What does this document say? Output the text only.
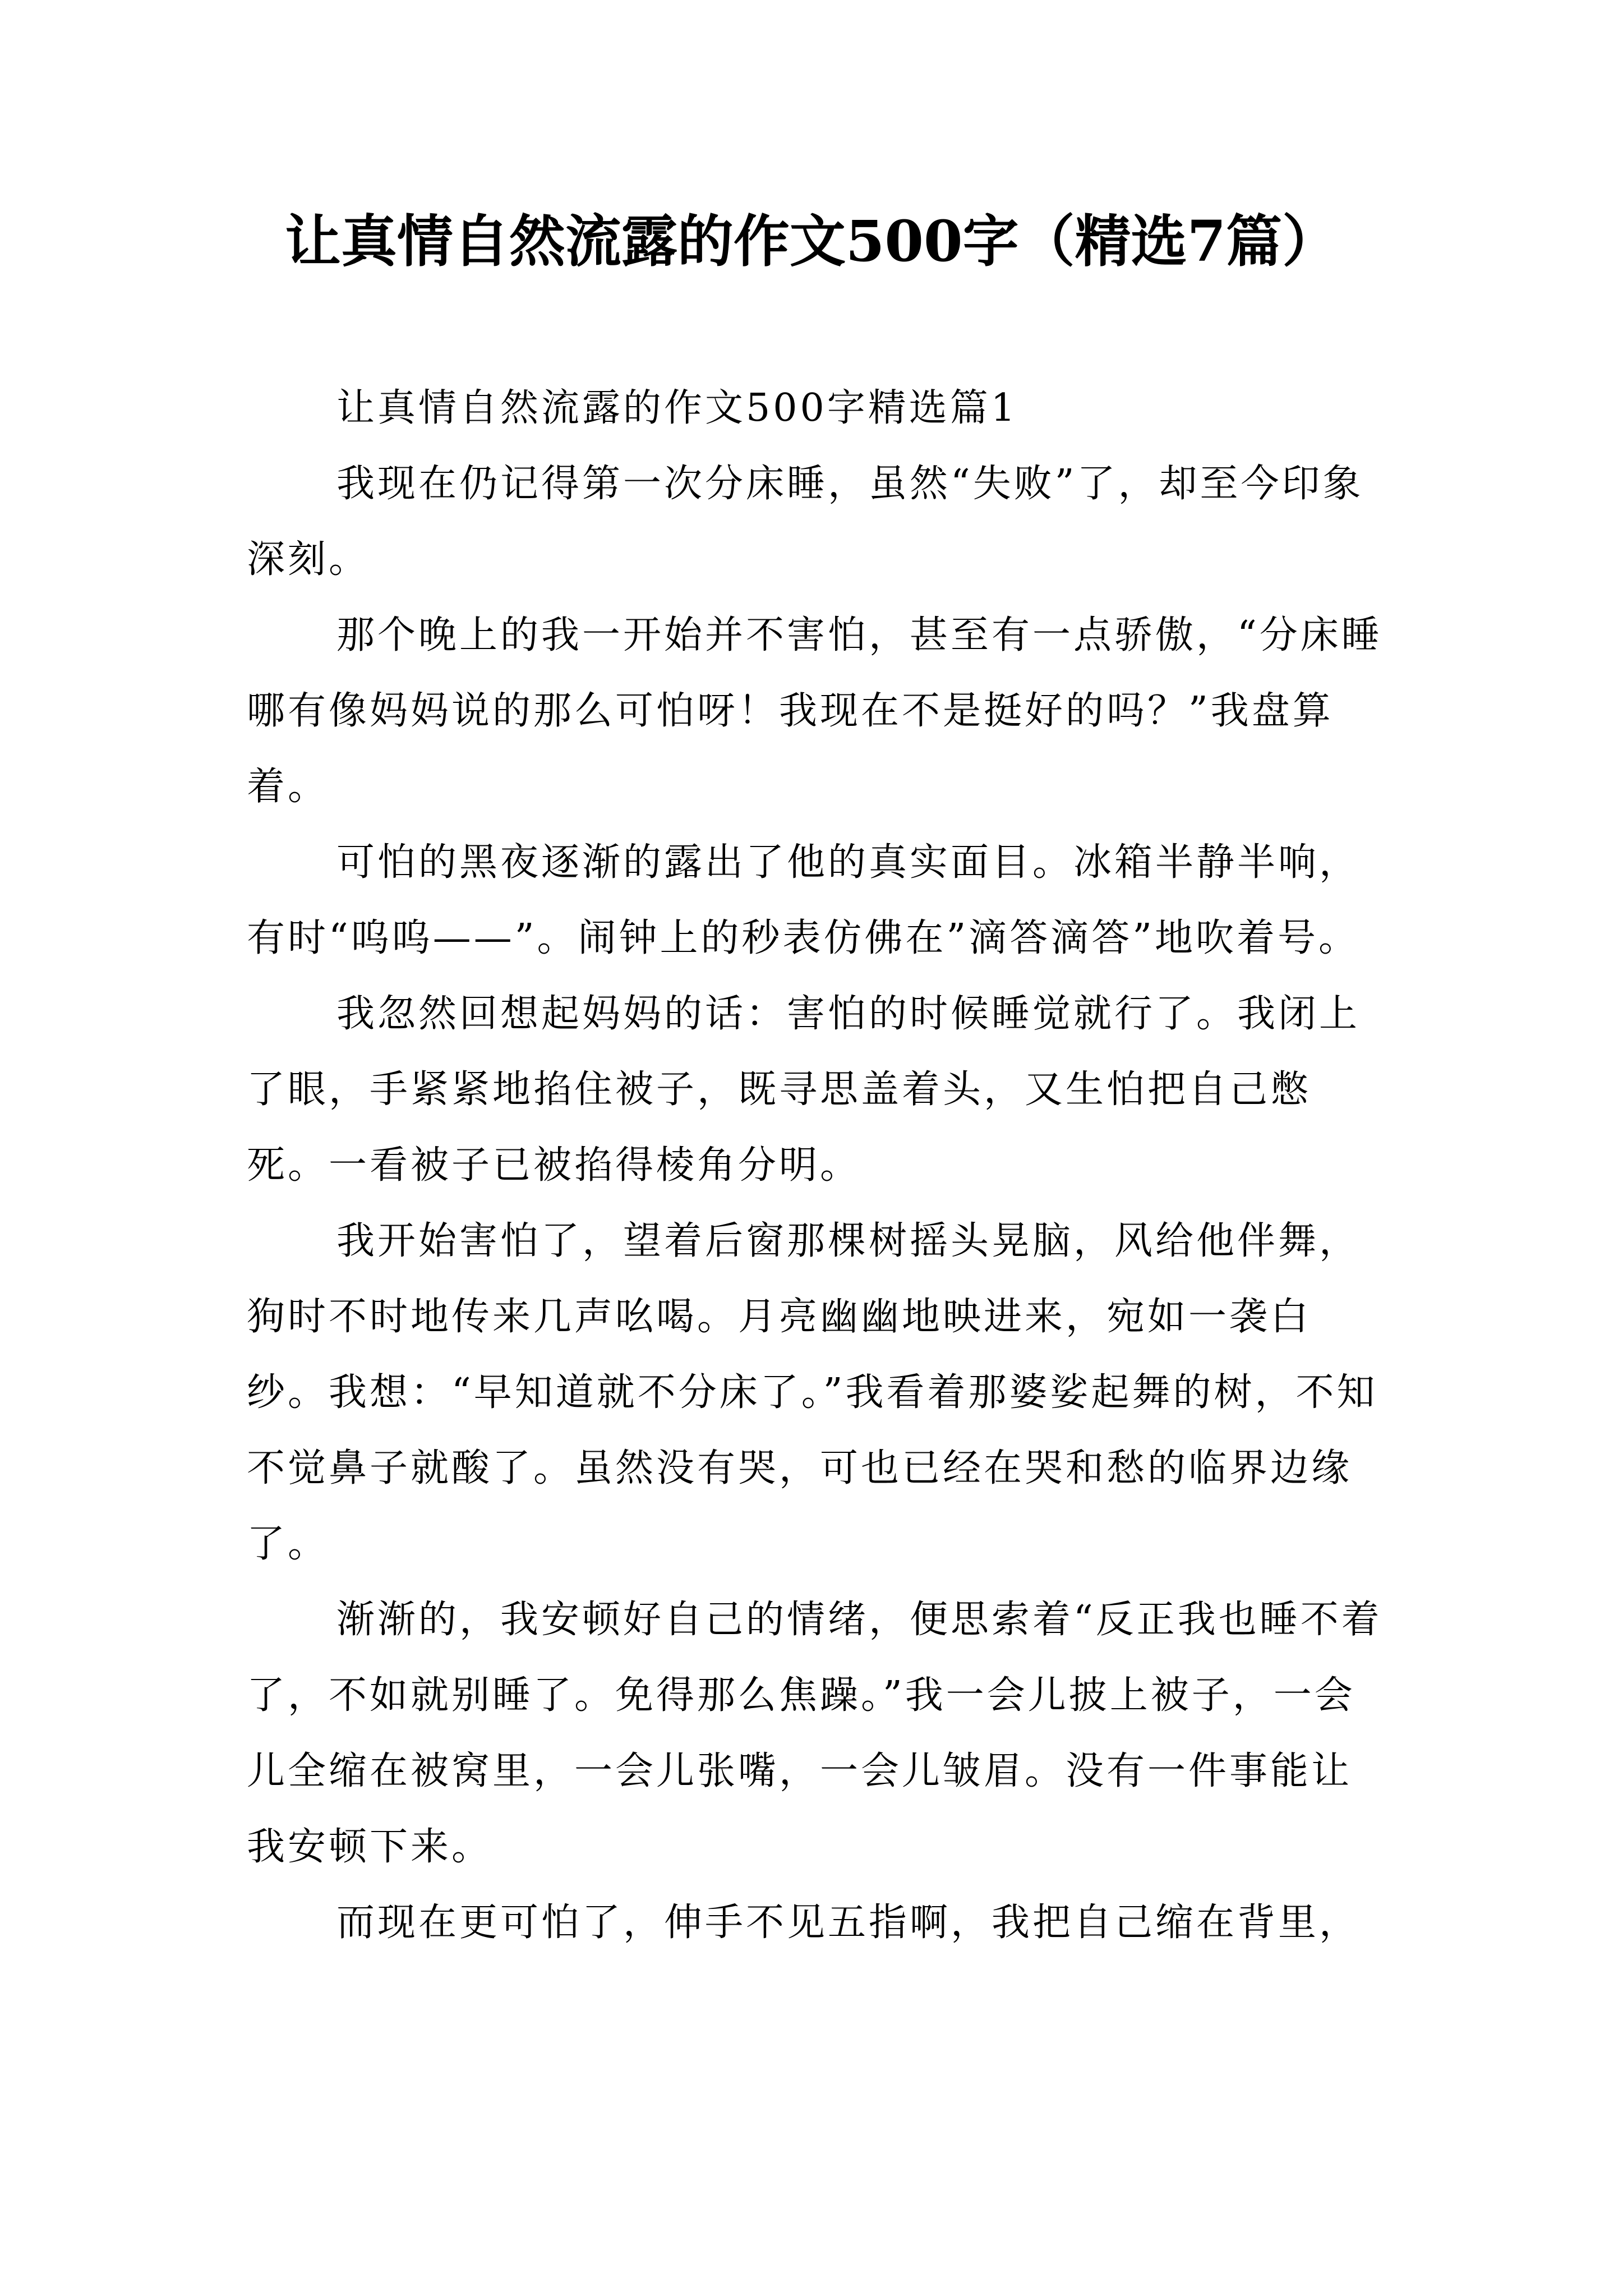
让真情自然流露的作文500字（精选7篇）

让真情自然流露的作文500字精选篇1

我现在仍记得第一次分床睡，虽然“失败”了，却至今印象深刻。

那个晚上的我一开始并不害怕，甚至有一点骄傲，“分床睡哪有像妈妈说的那么可怕呀！我现在不是挺好的吗？”我盘算着。

可怕的黑夜逐渐的露出了他的真实面目。冰箱半静半响，有时“呜呜——”。闹钟上的秒表仿佛在”滴答滴答”地吹着号。

我忽然回想起妈妈的话：害怕的时候睡觉就行了。我闭上了眼，手紧紧地掐住被子，既寻思盖着头，又生怕把自己憋死。一看被子已被掐得棱角分明。

我开始害怕了，望着后窗那棵树摇头晃脑，风给他伴舞，狗时不时地传来几声吆喝。月亮幽幽地映进来，宛如一袭白纱。我想：“早知道就不分床了。”我看着那婆娑起舞的树，不知不觉鼻子就酸了。虽然没有哭，可也已经在哭和愁的临界边缘了。

渐渐的，我安顿好自己的情绪，便思索着“反正我也睡不着了，不如就别睡了。免得那么焦躁。”我一会儿披上被子，一会儿全缩在被窝里，一会儿张嘴，一会儿皱眉。没有一件事能让我安顿下来。

而现在更可怕了，伸手不见五指啊，我把自己缩在背里，
